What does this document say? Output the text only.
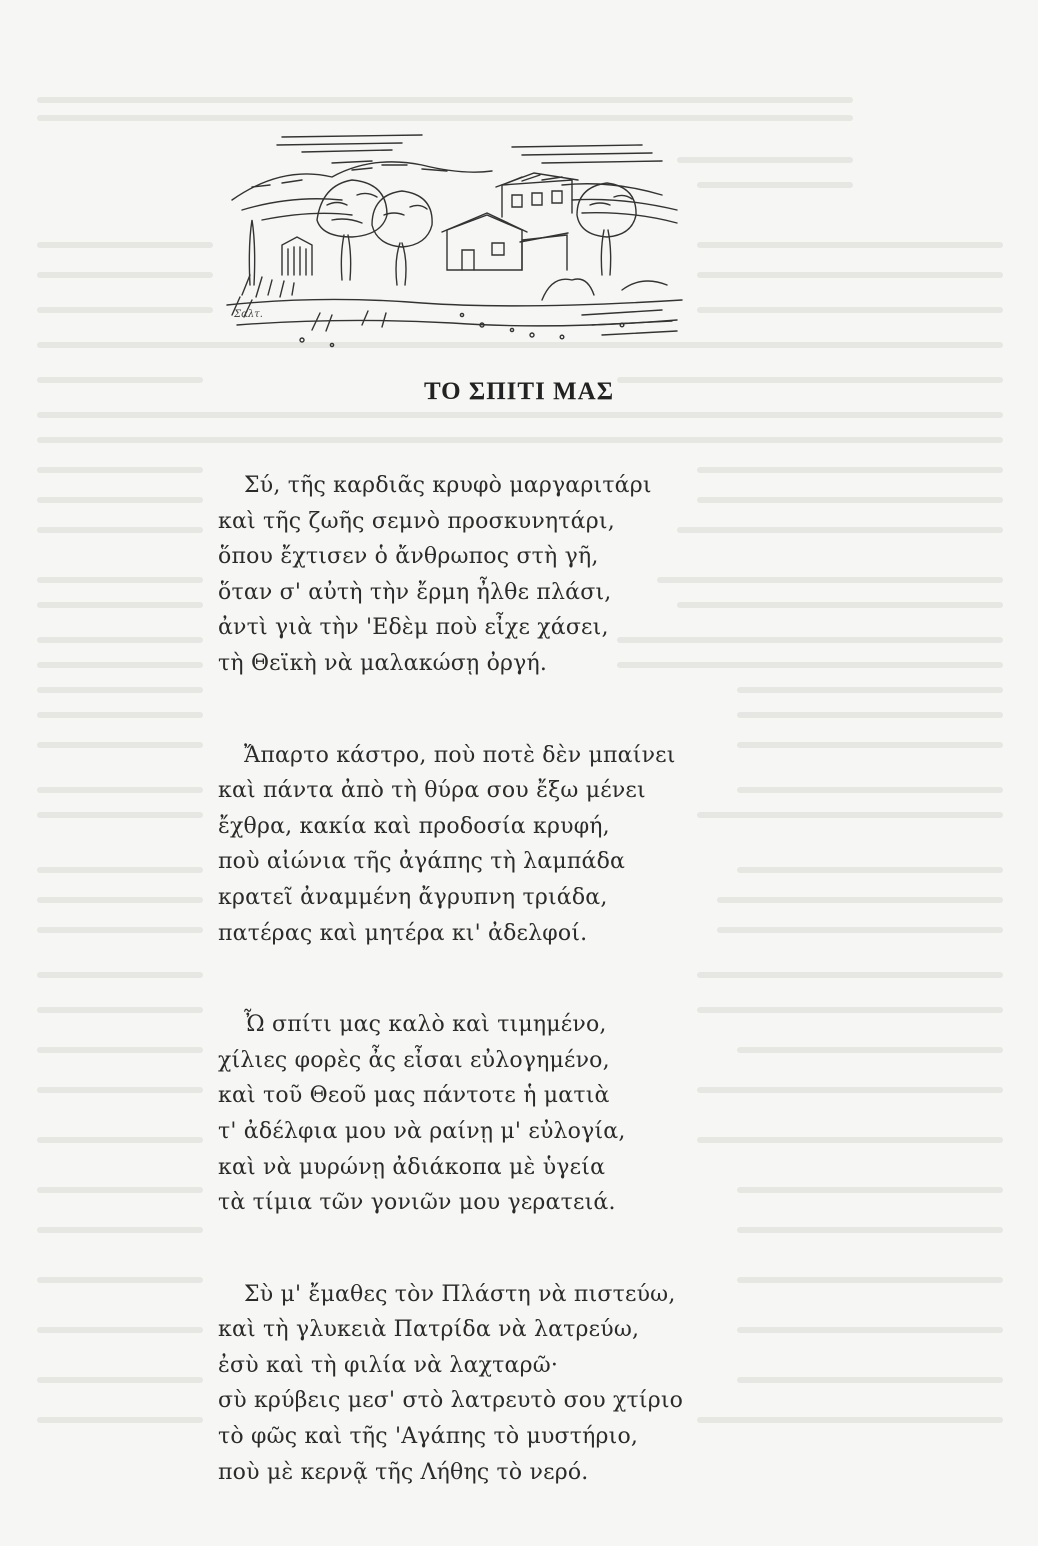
Σαλτ.
ΤΟ ΣΠΙΤΙ ΜΑΣ
Σύ, τῆς καρδιᾶς κρυφὸ μαργαριτάρι
καὶ τῆς ζωῆς σεμνὸ προσκυνητάρι,
ὅπου ἔχτισεν ὁ ἄνθρωπος στὴ γῆ,
ὅταν σ' αὐτὴ τὴν ἔρμη ἦλθε πλάσι,
ἀντὶ γιὰ τὴν 'Εδὲμ ποὺ εἶχε χάσει,
τὴ Θεϊκὴ νὰ μαλακώσῃ ὀργή.
Ἄπαρτο κάστρο, ποὺ ποτὲ δὲν μπαίνει
καὶ πάντα ἀπὸ τὴ θύρα σου ἔξω μένει
ἔχθρα, κακία καὶ προδοσία κρυφή,
ποὺ αἰώνια τῆς ἀγάπης τὴ λαμπάδα
κρατεῖ ἀναμμένη ἄγρυπνη τριάδα,
πατέρας καὶ μητέρα κι' ἀδελφοί.
Ὦ σπίτι μας καλὸ καὶ τιμημένο,
χίλιες φορὲς ἆς εἶσαι εὐλογημένο,
καὶ τοῦ Θεοῦ μας πάντοτε ἡ ματιὰ
τ' ἀδέλφια μου νὰ ραίνῃ μ' εὐλογία,
καὶ νὰ μυρώνῃ ἀδιάκοπα μὲ ὑγεία
τὰ τίμια τῶν γονιῶν μου γερατειά.
Σὺ μ' ἔμαθες τὸν Πλάστη νὰ πιστεύω,
καὶ τὴ γλυκειὰ Πατρίδα νὰ λατρεύω,
ἐσὺ καὶ τὴ φιλία νὰ λαχταρῶ·
σὺ κρύβεις μεσ' στὸ λατρευτὸ σου χτίριο
τὸ φῶς καὶ τῆς 'Αγάπης τὸ μυστήριο,
ποὺ μὲ κερνᾷ τῆς Λήθης τὸ νερό.
